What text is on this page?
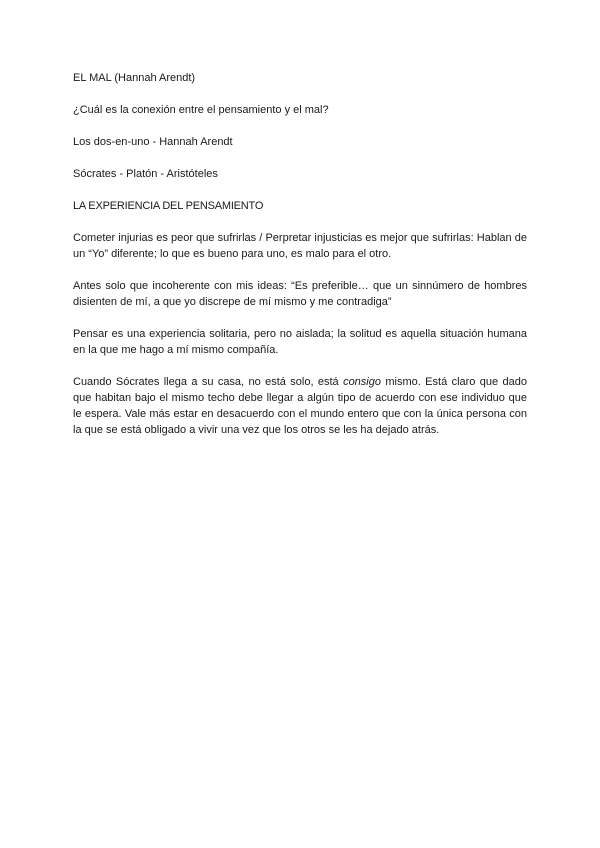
EL MAL (Hannah Arendt)

¿Cuál es la conexión entre el pensamiento y el mal?

Los dos-en-uno - Hannah Arendt

Sócrates - Platón - Aristóteles

LA EXPERIENCIA DEL PENSAMIENTO

Cometer injurias es peor que sufrirlas / Perpretar injusticias es mejor que sufrirlas: Hablan de un “Yo” diferente; lo que es bueno para uno, es malo para el otro.

Antes solo que incoherente con mis ideas: “Es preferible… que un sinnúmero de hombres disienten de mí, a que yo discrepe de mí mismo y me contradiga”

Pensar es una experiencia solitaria, pero no aislada; la solitud es aquella situación humana en la que me hago a mí mismo compañía.

Cuando Sócrates llega a su casa, no está solo, está consigo mismo. Está claro que dado que habitan bajo el mismo techo debe llegar a algún tipo de acuerdo con ese individuo que le espera. Vale más estar en desacuerdo con el mundo entero que con la única persona con la que se está obligado a vivir una vez que los otros se les ha dejado atrás.
